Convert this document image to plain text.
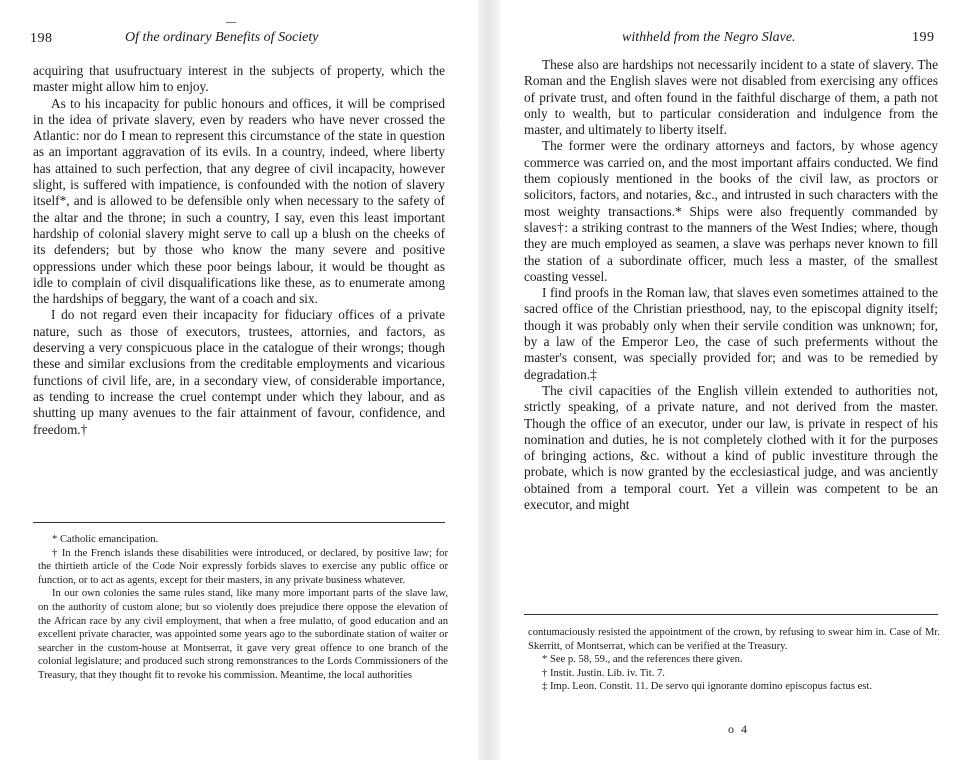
198	Of the ordinary Benefits of Society

acquiring that usufructuary interest in the subjects of property, which the master might allow him to enjoy.

As to his incapacity for public honours and offices, it will be comprised in the idea of private slavery, even by readers who have never crossed the Atlantic: nor do I mean to represent this circumstance of the state in question as an important aggravation of its evils. In a country, indeed, where liberty has attained to such perfection, that any degree of civil incapacity, however slight, is suffered with impatience, is confounded with the notion of slavery itself*, and is allowed to be defensible only when necessary to the safety of the altar and the throne; in such a country, I say, even this least important hardship of colonial slavery might serve to call up a blush on the cheeks of its defenders; but by those who know the many severe and positive oppressions under which these poor beings labour, it would be thought as idle to complain of civil disqualifications like these, as to enumerate among the hardships of beggary, the want of a coach and six.

I do not regard even their incapacity for fiduciary offices of a private nature, such as those of executors, trustees, attornies, and factors, as deserving a very conspicuous place in the catalogue of their wrongs; though these and similar exclusions from the creditable employments and vicarious functions of civil life, are, in a secondary view, of considerable importance, as tending to increase the cruel contempt under which they labour, and as shutting up many avenues to the fair attainment of favour, confidence, and freedom.†

* Catholic emancipation.

† In the French islands these disabilities were introduced, or declared, by positive law; for the thirtieth article of the Code Noir expressly forbids slaves to exercise any public office or function, or to act as agents, except for their masters, in any private business whatever.

In our own colonies the same rules stand, like many more important parts of the slave law, on the authority of custom alone; but so violently does prejudice there oppose the elevation of the African race by any civil employment, that when a free mulatto, of good education and an excellent private character, was appointed some years ago to the subordinate station of waiter or searcher in the custom-house at Montserrat, it gave very great offence to one branch of the colonial legislature; and produced such strong remonstrances to the Lords Commissioners of the Treasury, that they thought fit to revoke his commission. Meantime, the local authorities

withheld from the Negro Slave.	199

These also are hardships not necessarily incident to a state of slavery. The Roman and the English slaves were not disabled from exercising any offices of private trust, and often found in the faithful discharge of them, a path not only to wealth, but to particular consideration and indulgence from the master, and ultimately to liberty itself.

The former were the ordinary attorneys and factors, by whose agency commerce was carried on, and the most important affairs conducted. We find them copiously mentioned in the books of the civil law, as proctors or solicitors, factors, and notaries, &c., and intrusted in such characters with the most weighty transactions.* Ships were also frequently commanded by slaves†: a striking contrast to the manners of the West Indies; where, though they are much employed as seamen, a slave was perhaps never known to fill the station of a subordinate officer, much less a master, of the smallest coasting vessel.

I find proofs in the Roman law, that slaves even sometimes attained to the sacred office of the Christian priesthood, nay, to the episcopal dignity itself; though it was probably only when their servile condition was unknown; for, by a law of the Emperor Leo, the case of such preferments without the master's consent, was specially provided for; and was to be remedied by degradation.‡

The civil capacities of the English villein extended to authorities not, strictly speaking, of a private nature, and not derived from the master. Though the office of an executor, under our law, is private in respect of his nomination and duties, he is not completely clothed with it for the purposes of bringing actions, &c. without a kind of public investiture through the probate, which is now granted by the ecclesiastical judge, and was anciently obtained from a temporal court. Yet a villein was competent to be an executor, and might

contumaciously resisted the appointment of the crown, by refusing to swear him in. Case of Mr. Skerritt, of Montserrat, which can be verified at the Treasury.

* See p. 58, 59., and the references there given.

† Instit. Justin. Lib. iv. Tit. 7.

‡ Imp. Leon. Constit. 11. De servo qui ignorante domino episcopus factus est.

o 4
